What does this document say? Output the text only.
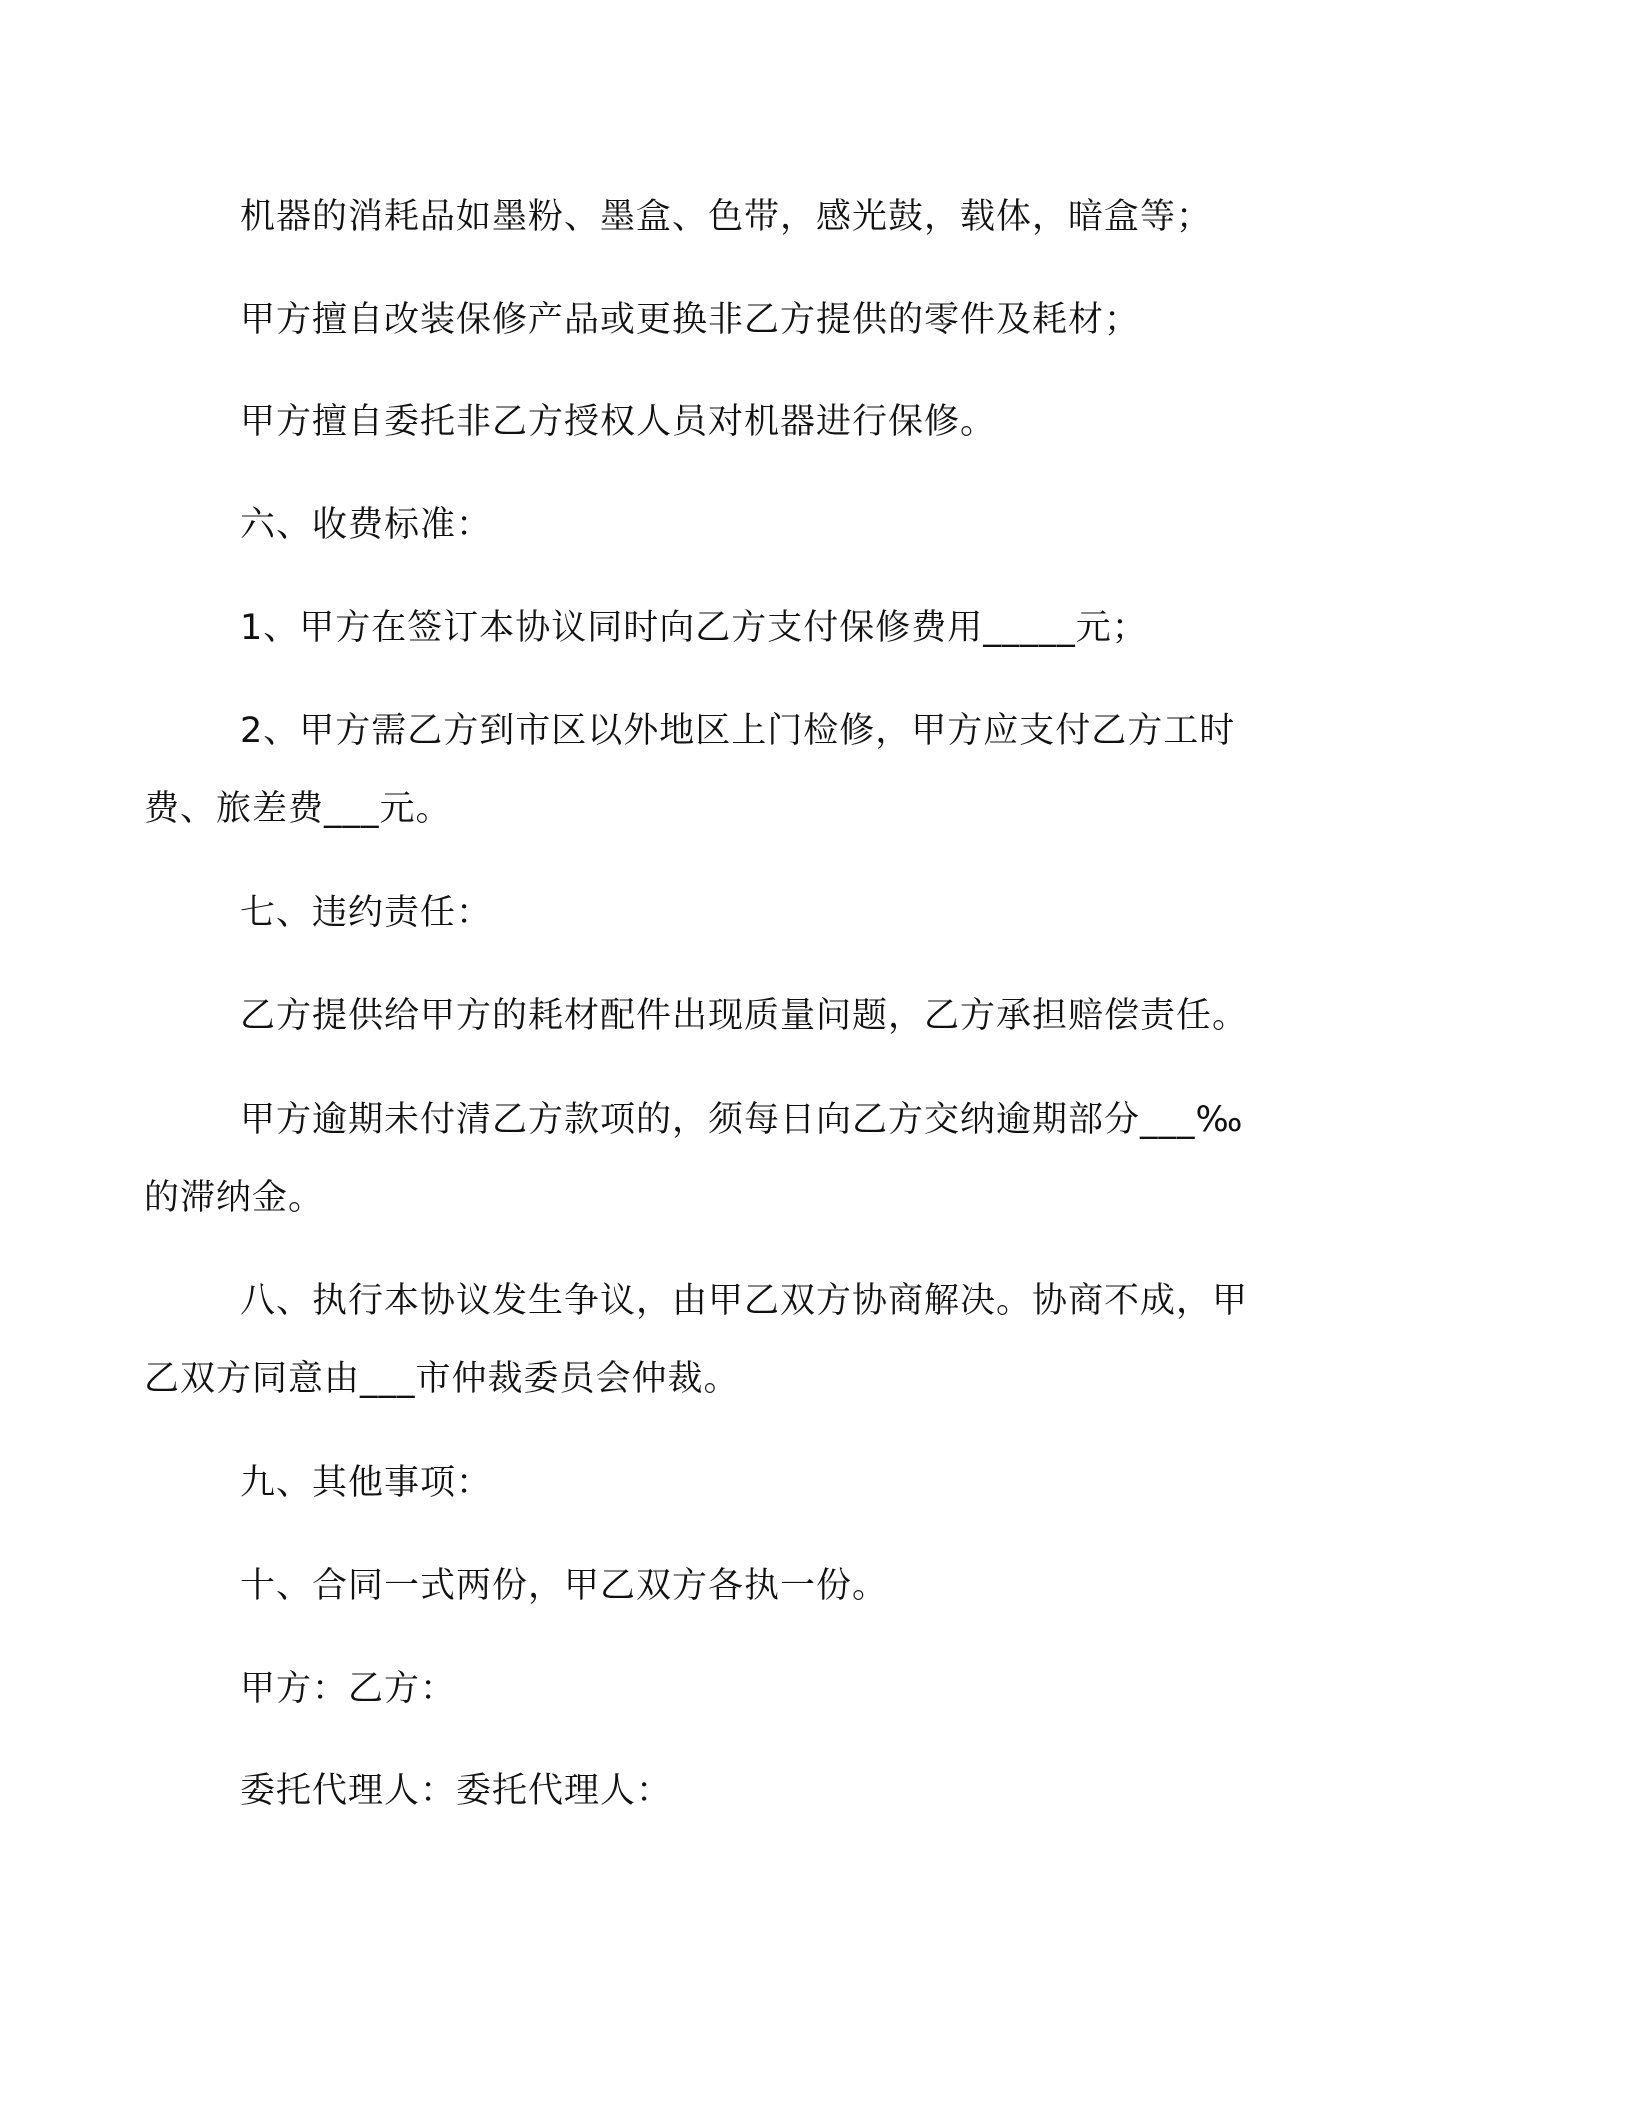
机器的消耗品如墨粉、墨盒、色带，感光鼓，载体，暗盒等；
甲方擅自改装保修产品或更换非乙方提供的零件及耗材；
甲方擅自委托非乙方授权人员对机器进行保修。
六、收费标准：
1、甲方在签订本协议同时向乙方支付保修费用_____元；
2、甲方需乙方到市区以外地区上门检修，甲方应支付乙方工时
费、旅差费___元。
七、违约责任：
乙方提供给甲方的耗材配件出现质量问题，乙方承担赔偿责任。
甲方逾期未付清乙方款项的，须每日向乙方交纳逾期部分___‰
的滞纳金。
八、执行本协议发生争议，由甲乙双方协商解决。协商不成，甲
乙双方同意由___市仲裁委员会仲裁。
九、其他事项：
十、合同一式两份，甲乙双方各执一份。
甲方：乙方：
委托代理人：委托代理人：
